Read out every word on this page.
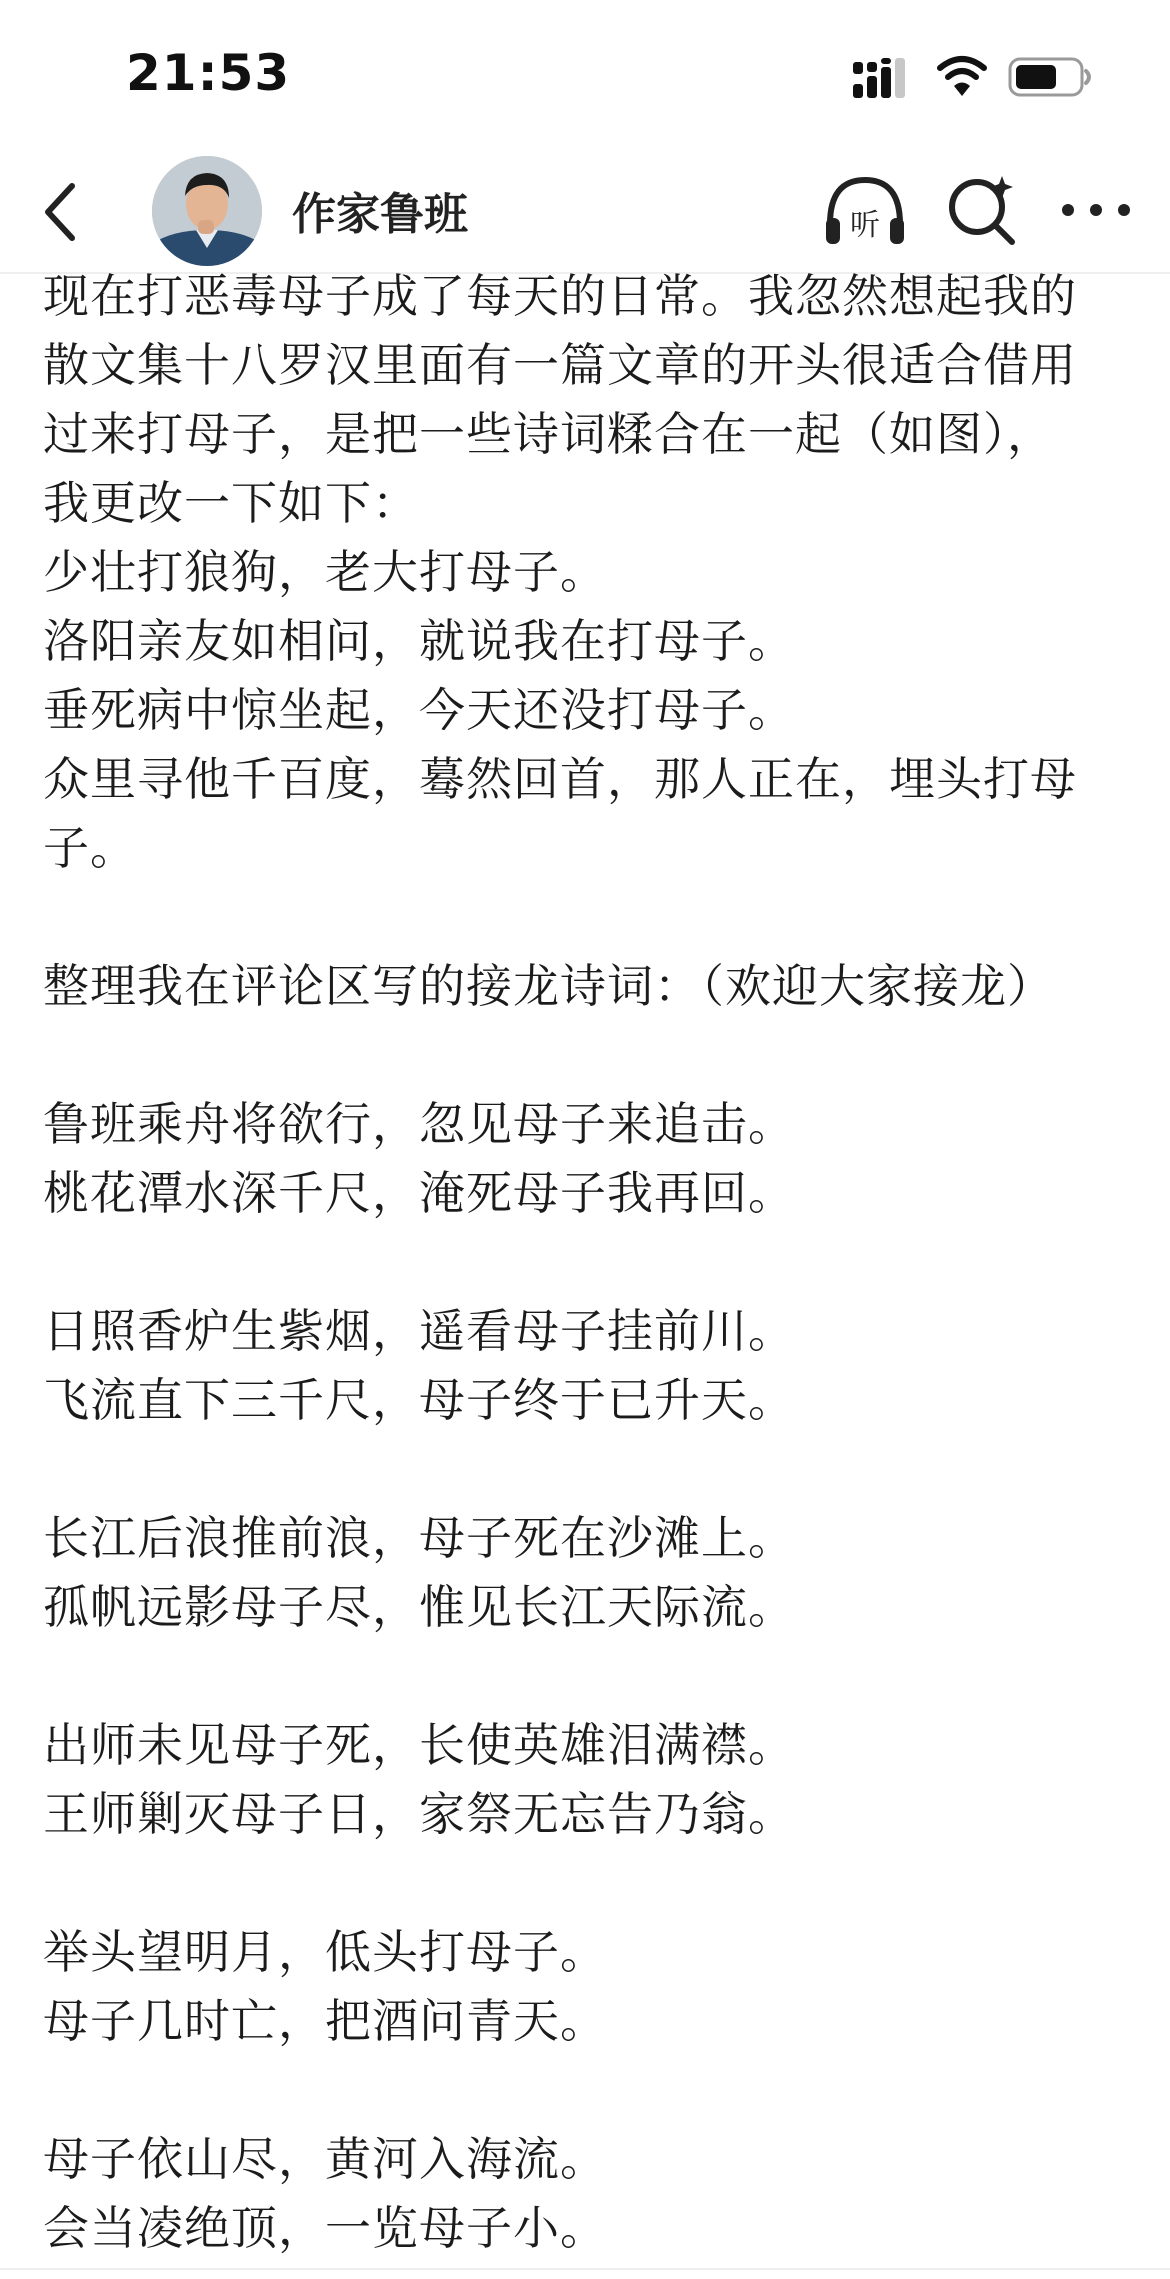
21:53
作家鲁班	听
现在打恶毒母子成了每天的日常。我忽然想起我的
散文集十八罗汉里面有一篇文章的开头很适合借用
过来打母子，是把一些诗词糅合在一起（如图），
我更改一下如下：
少壮打狼狗，老大打母子。
洛阳亲友如相问，就说我在打母子。
垂死病中惊坐起，今天还没打母子。
众里寻他千百度，蓦然回首，那人正在，埋头打母
子。
整理我在评论区写的接龙诗词：（欢迎大家接龙）
鲁班乘舟将欲行，忽见母子来追击。
桃花潭水深千尺，淹死母子我再回。
日照香炉生紫烟，遥看母子挂前川。
飞流直下三千尺，母子终于已升天。
长江后浪推前浪，母子死在沙滩上。
孤帆远影母子尽，惟见长江天际流。
出师未见母子死，长使英雄泪满襟。
王师剿灭母子日，家祭无忘告乃翁。
举头望明月，低头打母子。
母子几时亡，把酒问青天。
母子依山尽，黄河入海流。
会当凌绝顶，一览母子小。
